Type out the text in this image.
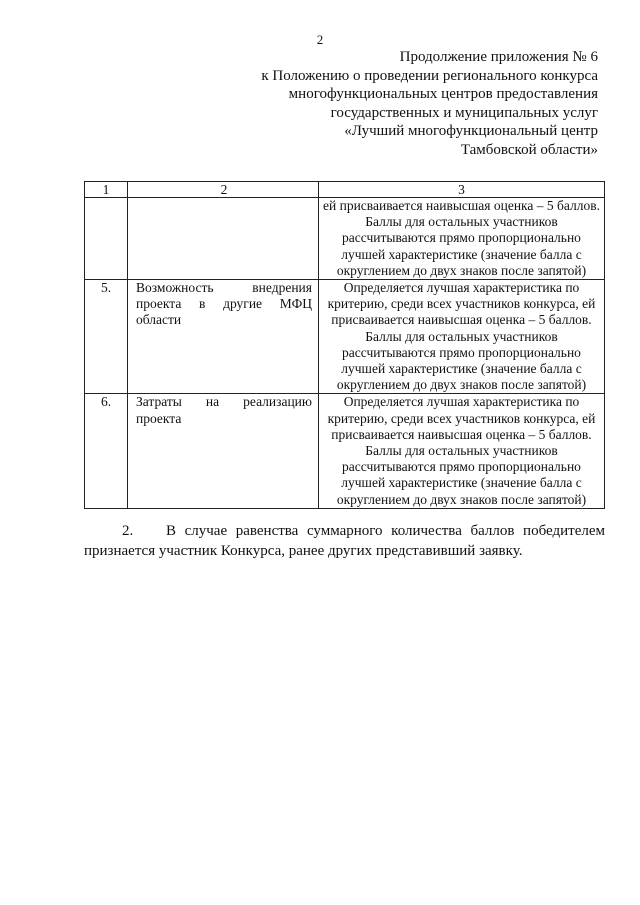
2
Продолжение приложения № 6
к Положению о проведении регионального конкурса
многофункциональных центров предоставления
государственных и муниципальных услуг
«Лучший многофункциональный центр
Тамбовской области»
1	2	3
		ей присваивается наивысшая оценка – 5 баллов. Баллы для остальных участников рассчитываются прямо пропорционально лучшей характеристике (значение балла с округлением до двух знаков после запятой)
5.	Возможность внедрения проекта в другие МФЦ области	Определяется лучшая характеристика по критерию, среди всех участников конкурса, ей присваивается наивысшая оценка – 5 баллов. Баллы для остальных участников рассчитываются прямо пропорционально лучшей характеристике (значение балла с округлением до двух знаков после запятой)
6.	Затраты на реализацию проекта	Определяется лучшая характеристика по критерию, среди всех участников конкурса, ей присваивается наивысшая оценка – 5 баллов. Баллы для остальных участников рассчитываются прямо пропорционально лучшей характеристике (значение балла с округлением до двух знаков после запятой)
2. В случае равенства суммарного количества баллов победителем признается участник Конкурса, ранее других представивший заявку.
